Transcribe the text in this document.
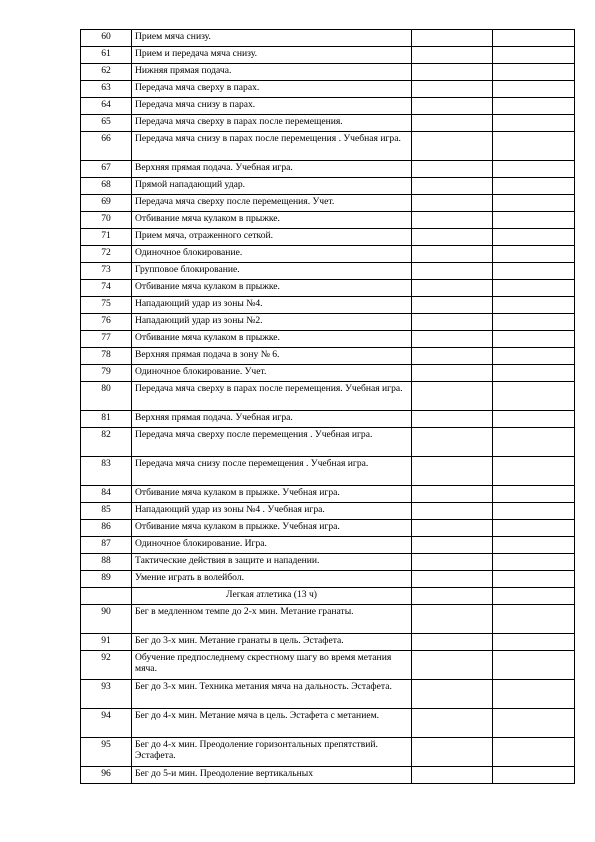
60	Прием мяча снизу.		
61	Прием и передача мяча снизу.		
62	Нижняя прямая подача.		
63	Передача мяча сверху в парах.		
64	Передача мяча снизу в парах.		
65	Передача мяча сверху в парах после перемещения.		
66	Передача мяча снизу в парах после перемещения . Учебная игра.		
67	Верхняя прямая подача. Учебная игра.		
68	Прямой нападающий удар.		
69	Передача мяча сверху после перемещения. Учет.		
70	Отбивание мяча кулаком в прыжке.		
71	Прием мяча, отраженного сеткой.		
72	Одиночное блокирование.		
73	Групповое блокирование.		
74	Отбивание мяча кулаком в прыжке.		
75	Нападающий удар из зоны №4.		
76	Нападающий удар из зоны №2.		
77	Отбивание мяча кулаком в прыжке.		
78	Верхняя прямая подача в зону № 6.		
79	Одиночное блокирование. Учет.		
80	Передача мяча сверху в парах после перемещения. Учебная игра.		
81	Верхняя прямая подача. Учебная игра.		
82	Передача мяча сверху после перемещения . Учебная игра.		
83	Передача мяча снизу после перемещения . Учебная игра.		
84	Отбивание мяча кулаком в прыжке. Учебная игра.		
85	Нападающий удар из зоны №4 . Учебная игра.		
86	Отбивание мяча кулаком в прыжке. Учебная игра.		
87	Одиночное блокирование. Игра.		
88	Тактические действия в защите и нападении.		
89	Умение играть в волейбол.		
	Легкая атлетика (13 ч)		
90	Бег в медленном темпе до 2-х мин. Метание гранаты.		
91	Бег до 3-х мин. Метание гранаты в цель. Эстафета.		
92	Обучение предпоследнему скрестному шагу во время метания мяча.		
93	Бег до 3-х мин. Техника метания мяча на дальность. Эстафета.		
94	Бег до 4-х мин. Метание мяча в цель. Эстафета с метанием.		
95	Бег до 4-х мин. Преодоление горизонтальных препятствий. Эстафета.		
96	Бег до 5-и мин. Преодоление вертикальных		
